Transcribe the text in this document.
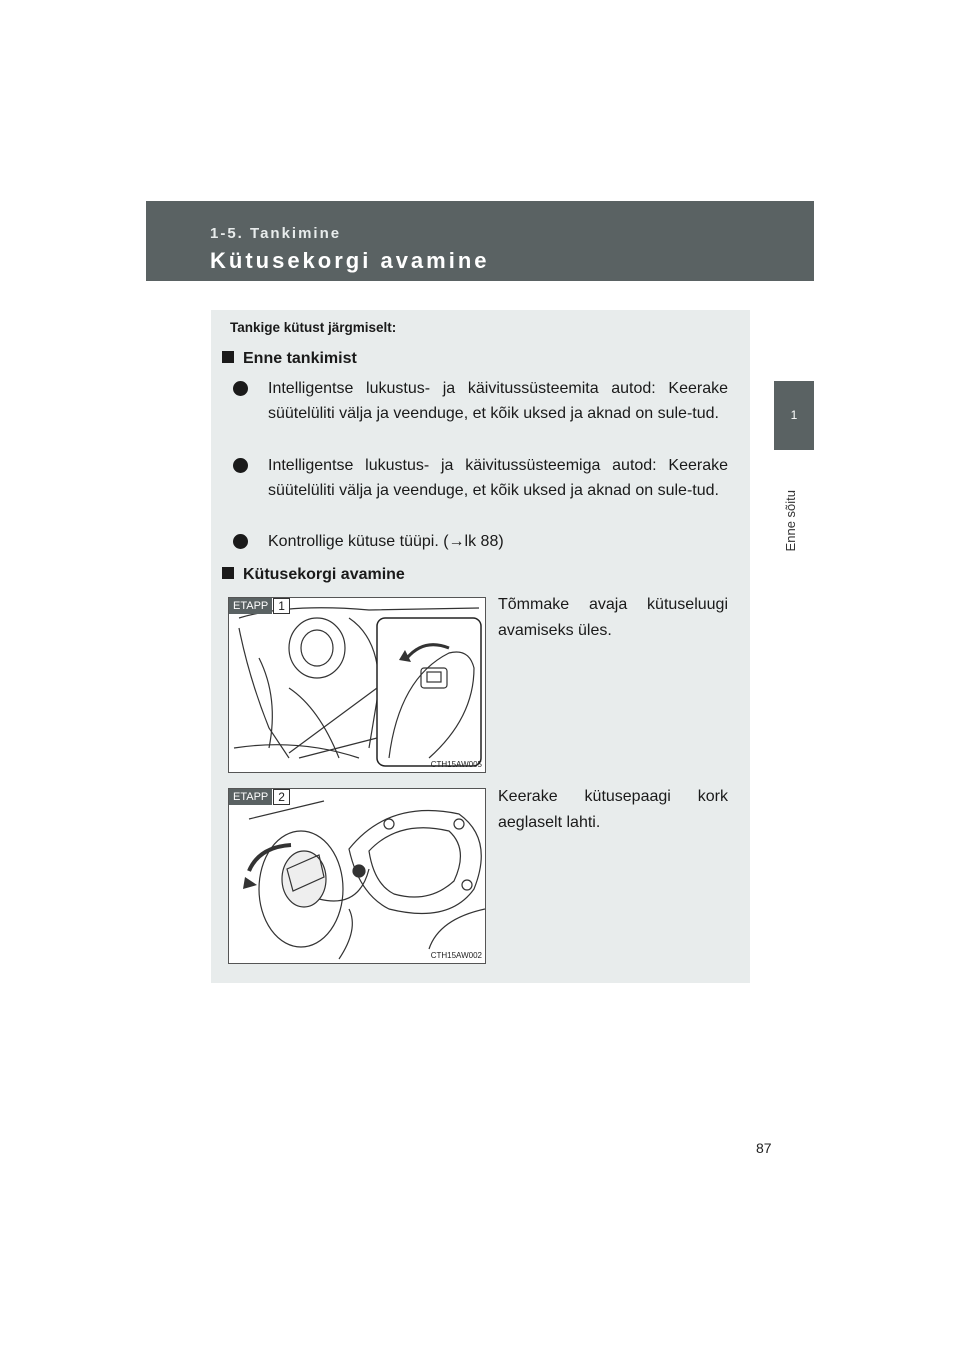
1-5. Tankimine
Kütusekorgi avamine
1
Enne sõitu
Tankige kütust järgmiselt:
Enne tankimist
Intelligentse lukustus- ja käivitussüsteemita autod: Keerake süütelüliti välja ja veenduge, et kõik uksed ja aknad on sule-tud.
Intelligentse lukustus- ja käivitussüsteemiga autod: Keerake süütelüliti välja ja veenduge, et kõik uksed ja aknad on sule-tud.
Kontrollige kütuse tüüpi. (→lk 88)
Kütusekorgi avamine
ETAPP 1
CTH15AW005
Tõmmake avaja kütuseluugi avamiseks üles.
ETAPP 2
CTH15AW002
Keerake kütusepaagi kork aeglaselt lahti.
87
